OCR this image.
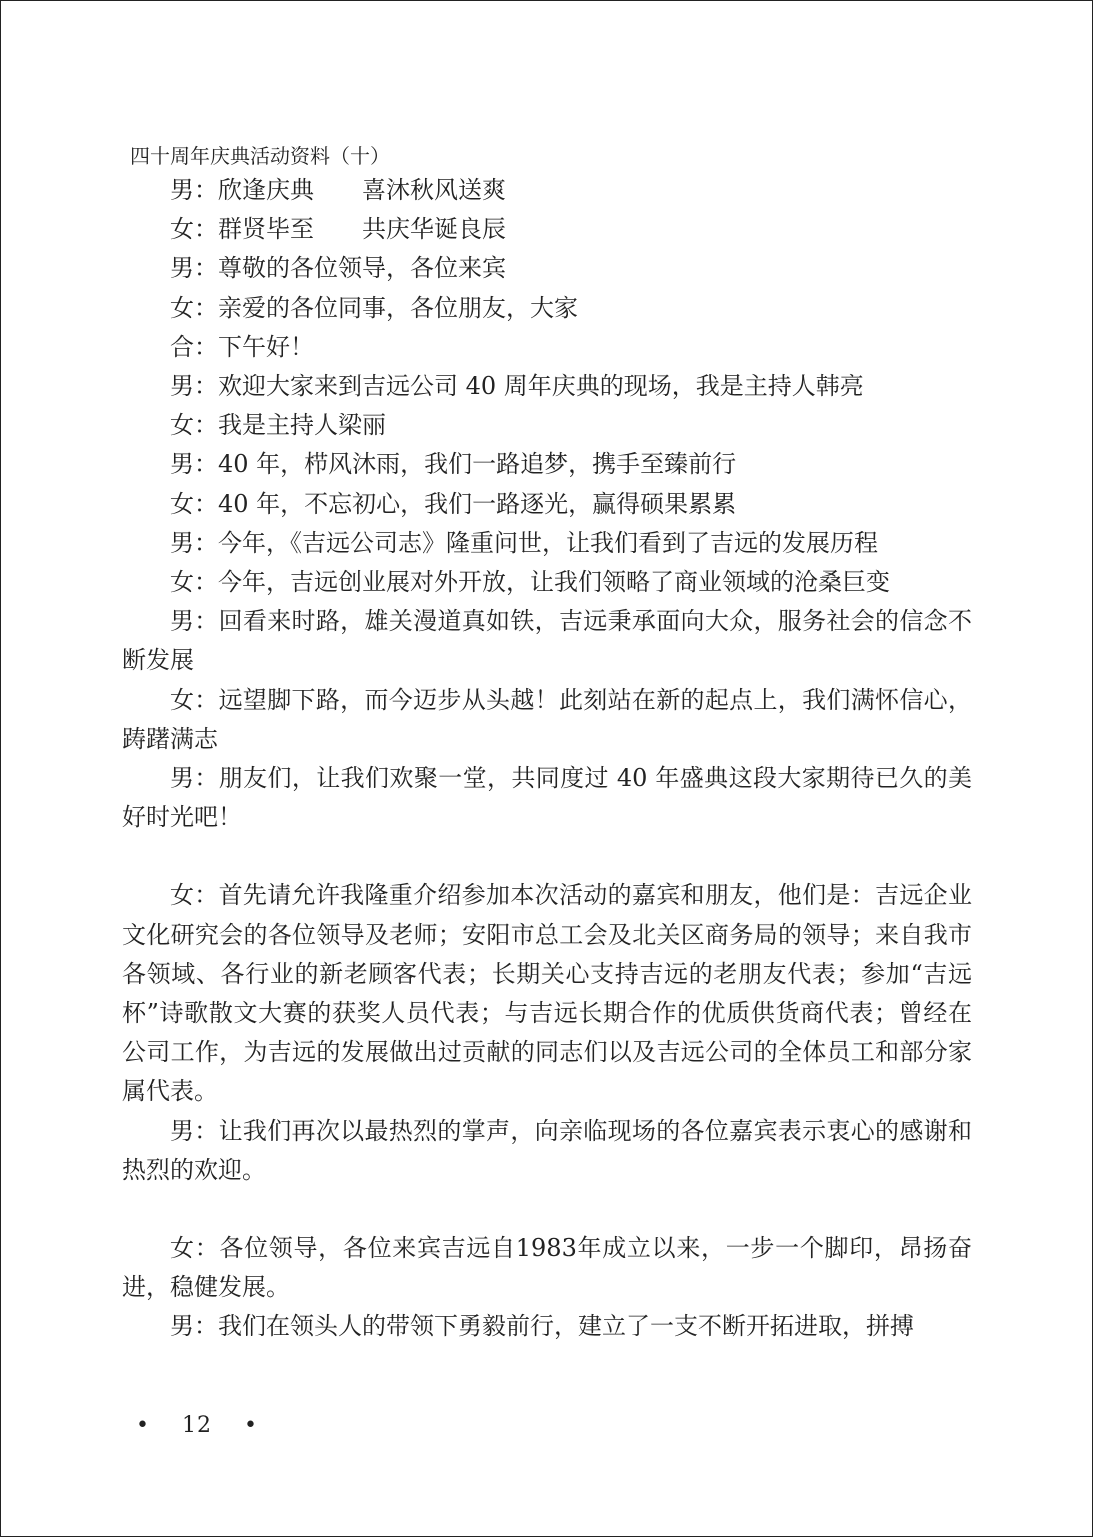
四十周年庆典活动资料（十）

男：欣逢庆典　　喜沐秋风送爽

女：群贤毕至　　共庆华诞良辰

男：尊敬的各位领导，各位来宾

女：亲爱的各位同事，各位朋友，大家

合：下午好！

男：欢迎大家来到吉远公司 40 周年庆典的现场，我是主持人韩亮

女：我是主持人梁丽

男：40 年，栉风沐雨，我们一路追梦，携手至臻前行

女：40 年，不忘初心，我们一路逐光，赢得硕果累累

男：今年，《吉远公司志》隆重问世，让我们看到了吉远的发展历程

女：今年，吉远创业展对外开放，让我们领略了商业领域的沧桑巨变

男：回看来时路，雄关漫道真如铁，吉远秉承面向大众，服务社会的信念不断发展

女：远望脚下路，而今迈步从头越！此刻站在新的起点上，我们满怀信心，踌躇满志

男：朋友们，让我们欢聚一堂，共同度过 40 年盛典这段大家期待已久的美好时光吧！

女：首先请允许我隆重介绍参加本次活动的嘉宾和朋友，他们是：吉远企业文化研究会的各位领导及老师；安阳市总工会及北关区商务局的领导；来自我市各领域、各行业的新老顾客代表；长期关心支持吉远的老朋友代表；参加“吉远杯”诗歌散文大赛的获奖人员代表；与吉远长期合作的优质供货商代表；曾经在公司工作，为吉远的发展做出过贡献的同志们以及吉远公司的全体员工和部分家属代表。

男：让我们再次以最热烈的掌声，向亲临现场的各位嘉宾表示衷心的感谢和热烈的欢迎。

女：各位领导，各位来宾吉远自1983年成立以来，一步一个脚印，昂扬奋进，稳健发展。

男：我们在领头人的带领下勇毅前行，建立了一支不断开拓进取，拼搏

• 12 •
